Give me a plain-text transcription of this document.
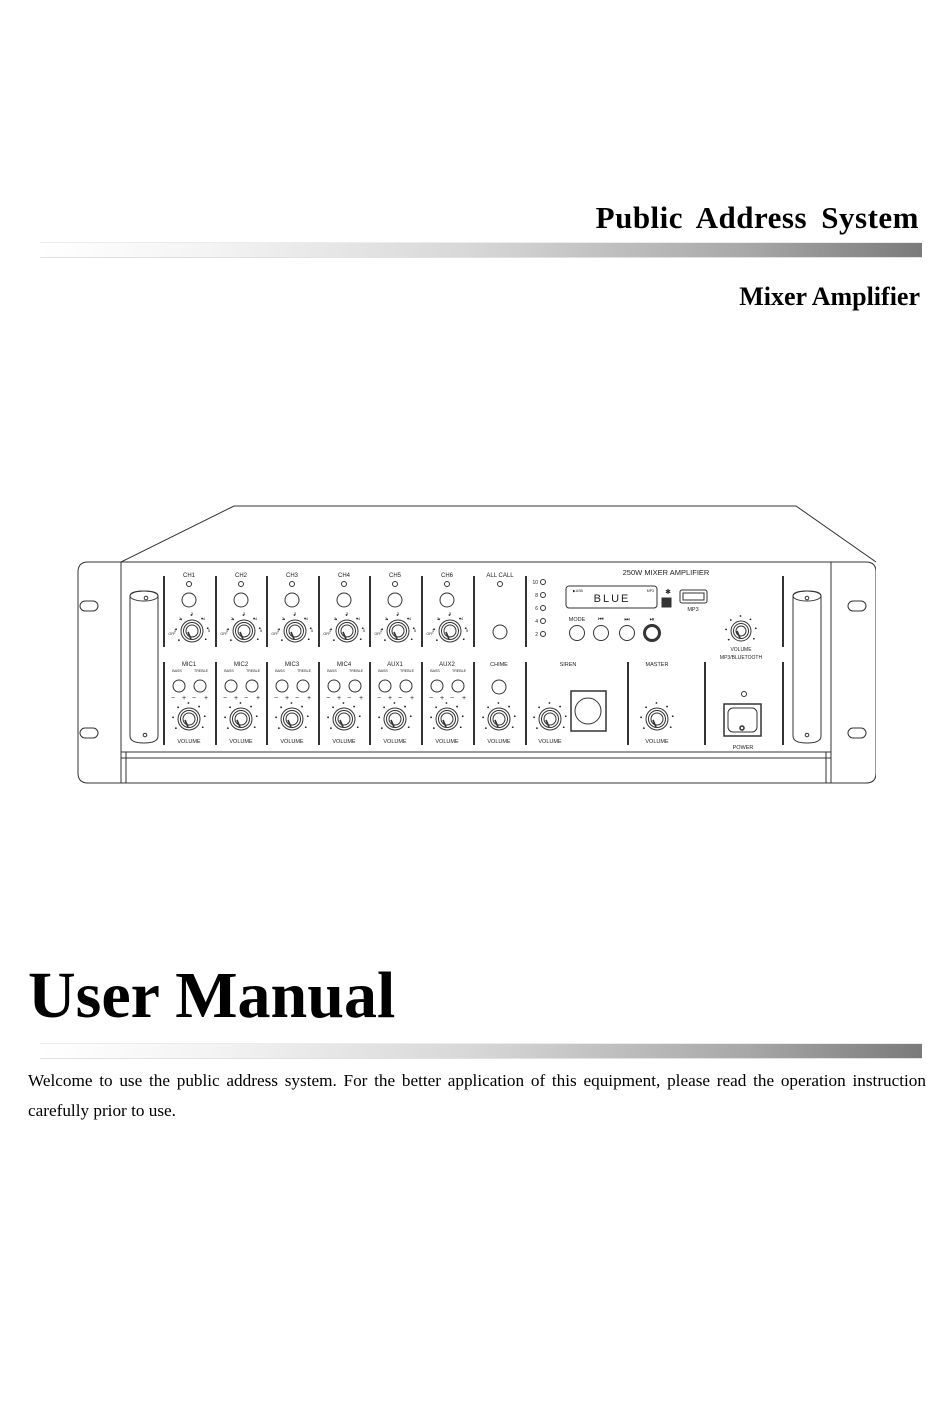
Public Address System
Mixer Amplifier
CH1
OFF
1
2
3
4
5
CH2
OFF
1
2
3
4
5
CH3
OFF
1
2
3
4
5
CH4
OFF
1
2
3
4
5
CH5
OFF
1
2
3
4
5
CH6
OFF
1
2
3
4
5
ALL CALL
10
8
6
4
2
250W MIXER AMPLIFIER
▶USB	MP3
BLUE
✱
MP3
MODE ⏮	⏭	⏯
VOLUME
MP3/BLUETOOTH
MIC1
BASS	TREBLE
− + − +
VOLUME
MIC2
BASS	TREBLE
− + − +
VOLUME
MIC3
BASS	TREBLE
− + − +
VOLUME
MIC4
BASS	TREBLE
− + − +
VOLUME
AUX1
BASS	TREBLE
− + − +
VOLUME
AUX2
BASS	TREBLE
− + − +
VOLUME
CHIME
VOLUME
SIREN
VOLUME
MASTER
VOLUME
POWER
User Manual

Welcome to use the public address system. For the better application of this equipment, please read the operation instruction carefully prior to use.
